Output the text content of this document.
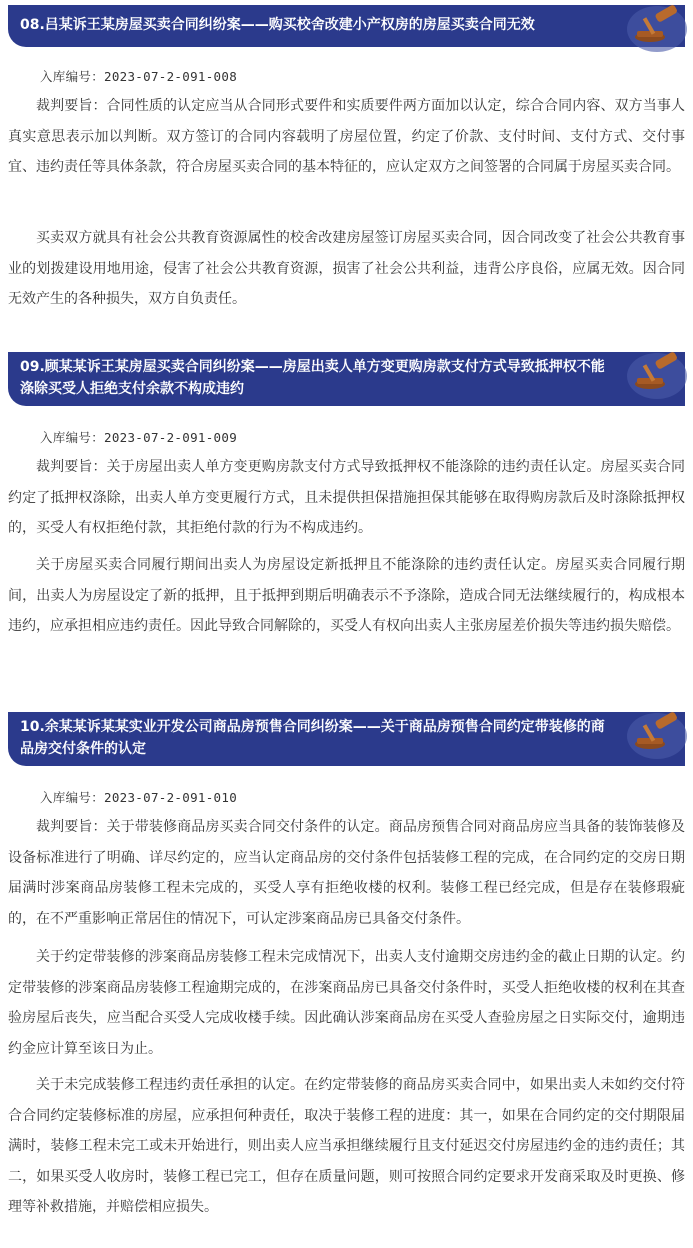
08.吕某诉王某房屋买卖合同纠纷案——购买校舍改建小产权房的房屋买卖合同无效
入库编号：2023-07-2-091-008

裁判要旨：合同性质的认定应当从合同形式要件和实质要件两方面加以认定，综合合同内容、双方当事人真实意思表示加以判断。双方签订的合同内容载明了房屋位置，约定了价款、支付时间、支付方式、交付事宜、违约责任等具体条款，符合房屋买卖合同的基本特征的，应认定双方之间签署的合同属于房屋买卖合同。

买卖双方就具有社会公共教育资源属性的校舍改建房屋签订房屋买卖合同，因合同改变了社会公共教育事业的划拨建设用地用途，侵害了社会公共教育资源，损害了社会公共利益，违背公序良俗，应属无效。因合同无效产生的各种损失，双方自负责任。

09.顾某某诉王某房屋买卖合同纠纷案——房屋出卖人单方变更购房款支付方式导致抵押权不能涤除买受人拒绝支付余款不构成违约
入库编号：2023-07-2-091-009

裁判要旨：关于房屋出卖人单方变更购房款支付方式导致抵押权不能涤除的违约责任认定。房屋买卖合同约定了抵押权涤除，出卖人单方变更履行方式，且未提供担保措施担保其能够在取得购房款后及时涤除抵押权的，买受人有权拒绝付款，其拒绝付款的行为不构成违约。

关于房屋买卖合同履行期间出卖人为房屋设定新抵押且不能涤除的违约责任认定。房屋买卖合同履行期间，出卖人为房屋设定了新的抵押，且于抵押到期后明确表示不予涤除，造成合同无法继续履行的，构成根本违约，应承担相应违约责任。因此导致合同解除的，买受人有权向出卖人主张房屋差价损失等违约损失赔偿。

10.余某某诉某某实业开发公司商品房预售合同纠纷案——关于商品房预售合同约定带装修的商品房交付条件的认定
入库编号：2023-07-2-091-010

裁判要旨：关于带装修商品房买卖合同交付条件的认定。商品房预售合同对商品房应当具备的装饰装修及设备标准进行了明确、详尽约定的，应当认定商品房的交付条件包括装修工程的完成，在合同约定的交房日期届满时涉案商品房装修工程未完成的，买受人享有拒绝收楼的权利。装修工程已经完成，但是存在装修瑕疵的，在不严重影响正常居住的情况下，可认定涉案商品房已具备交付条件。

关于约定带装修的涉案商品房装修工程未完成情况下，出卖人支付逾期交房违约金的截止日期的认定。约定带装修的涉案商品房装修工程逾期完成的，在涉案商品房已具备交付条件时，买受人拒绝收楼的权利在其查验房屋后丧失，应当配合买受人完成收楼手续。因此确认涉案商品房在买受人查验房屋之日实际交付，逾期违约金应计算至该日为止。

关于未完成装修工程违约责任承担的认定。在约定带装修的商品房买卖合同中，如果出卖人未如约交付符合合同约定装修标准的房屋，应承担何种责任，取决于装修工程的进度：其一，如果在合同约定的交付期限届满时，装修工程未完工或未开始进行，则出卖人应当承担继续履行且支付延迟交付房屋违约金的违约责任；其二，如果买受人收房时，装修工程已完工，但存在质量问题，则可按照合同约定要求开发商采取及时更换、修理等补救措施，并赔偿相应损失。
